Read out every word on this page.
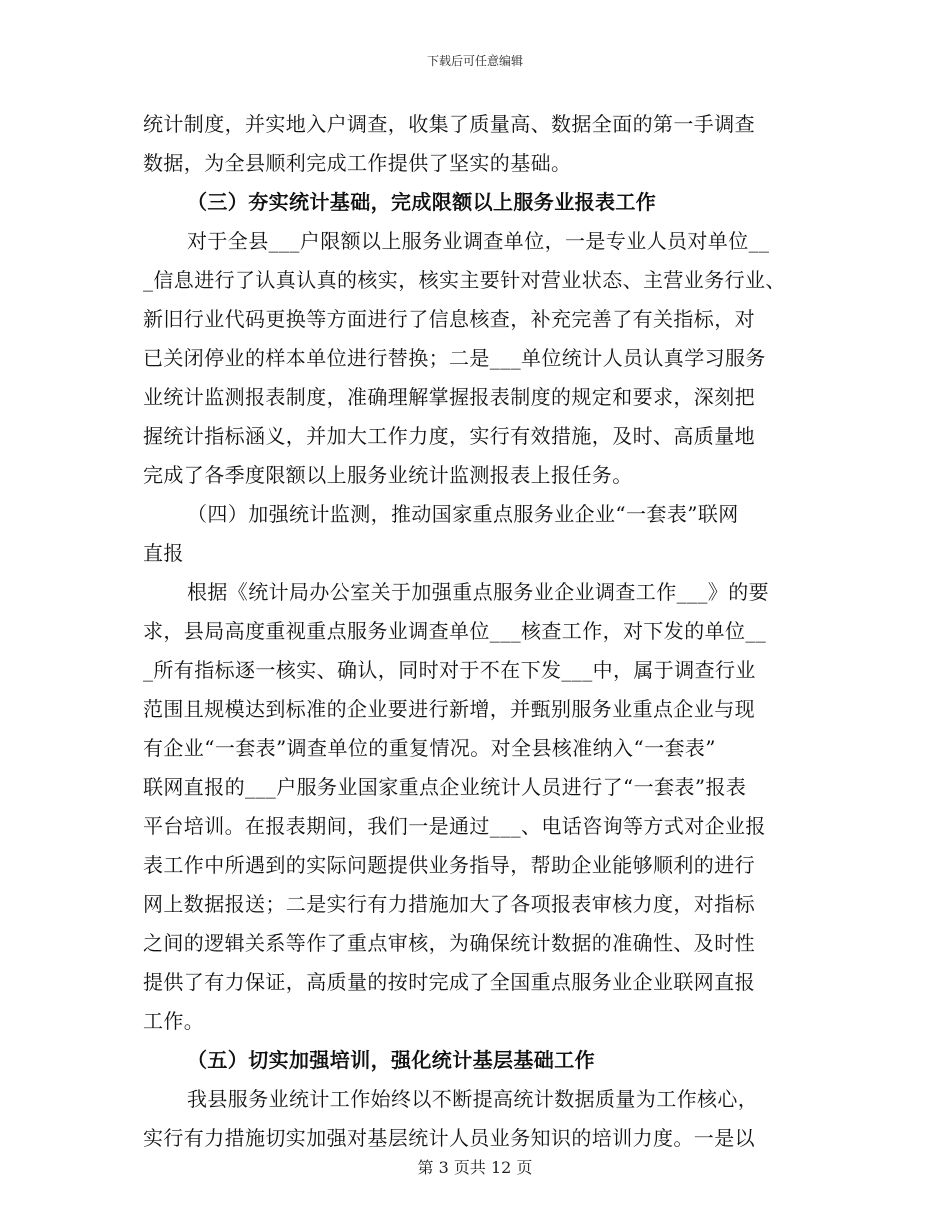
下载后可任意编辑
统计制度，并实地入户调查，收集了质量高、数据全面的第一手调查
数据，为全县顺利完成工作提供了坚实的基础。
（三）夯实统计基础，完成限额以上服务业报表工作
对于全县___户限额以上服务业调查单位，一是专业人员对单位__
_信息进行了认真认真的核实，核实主要针对营业状态、主营业务行业、
新旧行业代码更换等方面进行了信息核查，补充完善了有关指标，对
已关闭停业的样本单位进行替换；二是___单位统计人员认真学习服务
业统计监测报表制度，准确理解掌握报表制度的规定和要求，深刻把
握统计指标涵义，并加大工作力度，实行有效措施，及时、高质量地
完成了各季度限额以上服务业统计监测报表上报任务。
（四）加强统计监测，推动国家重点服务业企业“一套表”联网
直报
根据《统计局办公室关于加强重点服务业企业调查工作___》的要
求，县局高度重视重点服务业调查单位___核查工作，对下发的单位__
_所有指标逐一核实、确认，同时对于不在下发___中，属于调查行业
范围且规模达到标准的企业要进行新增，并甄别服务业重点企业与现
有企业“一套表”调查单位的重复情况。对全县核准纳入“一套表”
联网直报的___户服务业国家重点企业统计人员进行了“一套表”报表
平台培训。在报表期间，我们一是通过___、电话咨询等方式对企业报
表工作中所遇到的实际问题提供业务指导，帮助企业能够顺利的进行
网上数据报送；二是实行有力措施加大了各项报表审核力度，对指标
之间的逻辑关系等作了重点审核，为确保统计数据的准确性、及时性
提供了有力保证，高质量的按时完成了全国重点服务业企业联网直报
工作。
（五）切实加强培训，强化统计基层基础工作
我县服务业统计工作始终以不断提高统计数据质量为工作核心，
实行有力措施切实加强对基层统计人员业务知识的培训力度。一是以
第 3 页共 12 页
